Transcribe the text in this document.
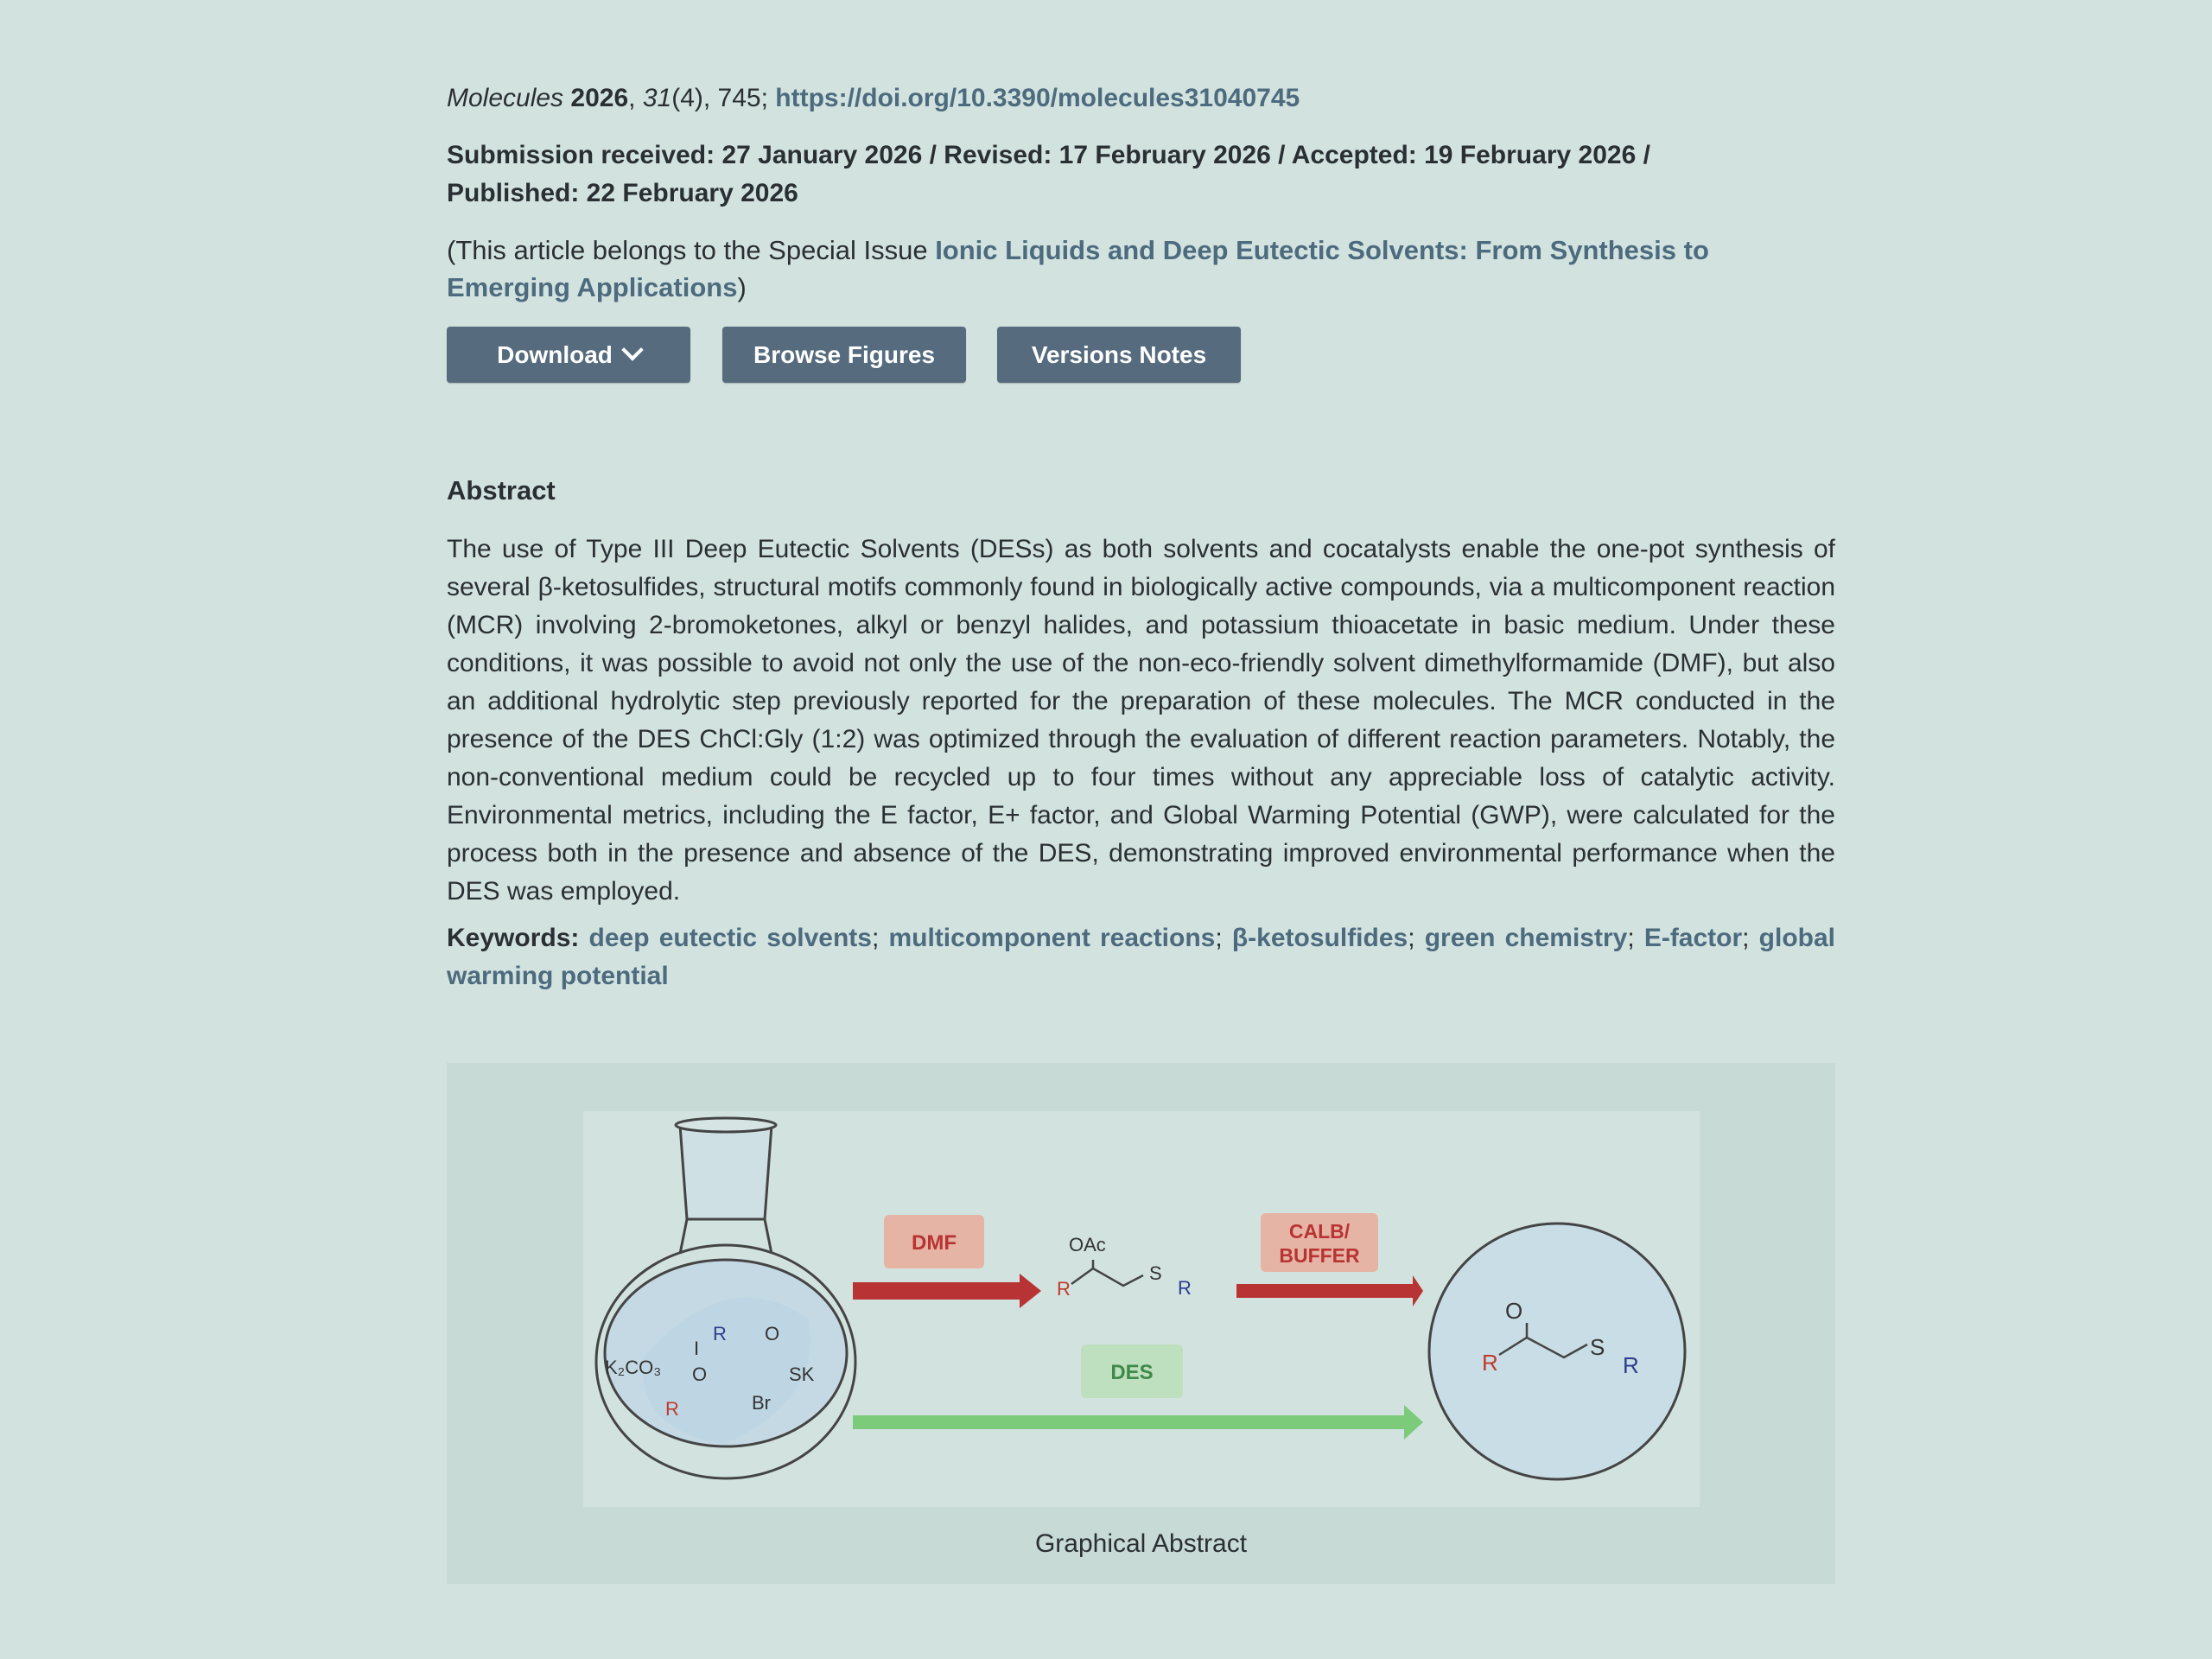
Molecules 2026, 31(4), 745; https://doi.org/10.3390/molecules31040745
Submission received: 27 January 2026 / Revised: 17 February 2026 / Accepted: 19 February 2026 /
Published: 22 February 2026
(This article belongs to the Special Issue Ionic Liquids and Deep Eutectic Solvents: From Synthesis to Emerging Applications)
Download	Browse Figures	Versions Notes
Abstract
The use of Type III Deep Eutectic Solvents (DESs) as both solvents and cocatalysts enable the one-pot synthesis of several β-ketosulfides, structural motifs commonly found in biologically active compounds, via a multicomponent reaction (MCR) involving 2-bromoketones, alkyl or benzyl halides, and potassium thioacetate in basic medium. Under these conditions, it was possible to avoid not only the use of the non-eco-friendly solvent dimethylformamide (DMF), but also an additional hydrolytic step previously reported for the preparation of these molecules. The MCR conducted in the presence of the DES ChCl:Gly (1:2) was optimized through the evaluation of different reaction parameters. Notably, the non-conventional medium could be recycled up to four times without any appreciable loss of catalytic activity. Environmental metrics, including the E factor, E+ factor, and Global Warming Potential (GWP), were calculated for the process both in the presence and absence of the DES, demonstrating improved environmental performance when the DES was employed.
Keywords: deep eutectic solvents; multicomponent reactions; β-ketosulfides; green chemistry; E-factor; global warming potential
K₂CO₃
I
R O
SK
O
R	Br
DMF	OAc
R
S
R
CALB/
BUFFER
DES
O
R
S
R
Graphical Abstract
